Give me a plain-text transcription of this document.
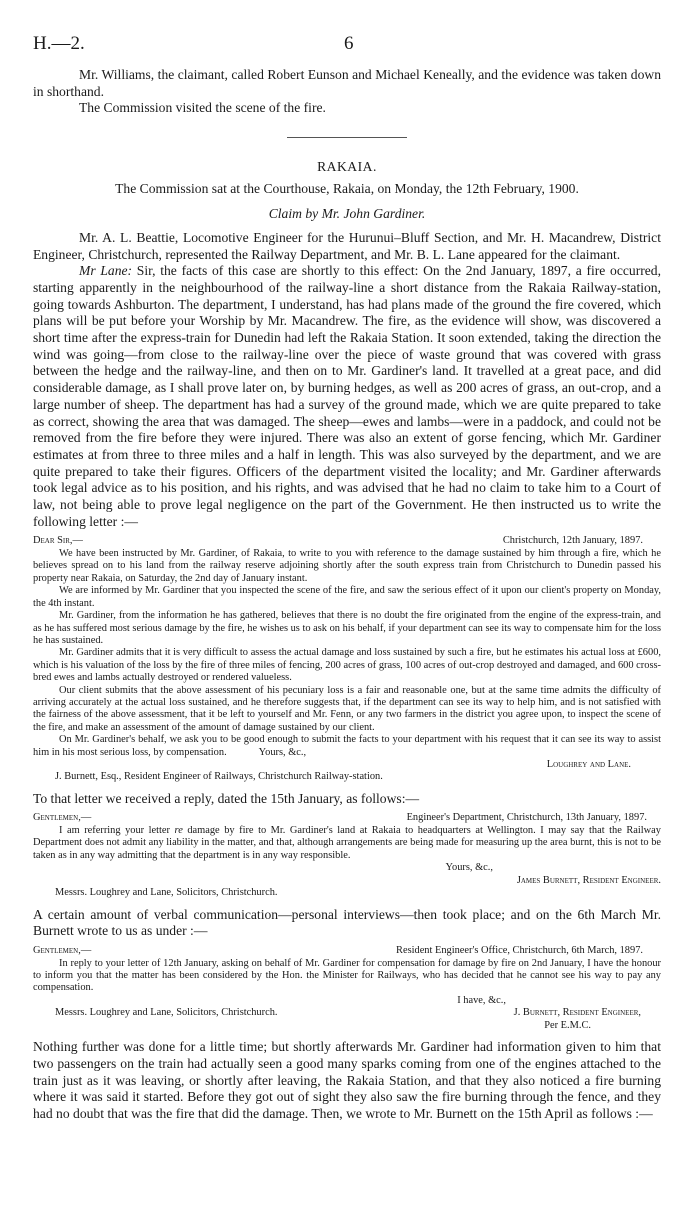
H.—2.	6

Mr. Williams, the claimant, called Robert Eunson and Michael Keneally, and the evidence was taken down in shorthand.

The Commission visited the scene of the fire.

RAKAIA.

The Commission sat at the Courthouse, Rakaia, on Monday, the 12th February, 1900.

Claim by Mr. John Gardiner.

Mr. A. L. Beattie, Locomotive Engineer for the Hurunui–Bluff Section, and Mr. H. Macandrew, District Engineer, Christchurch, represented the Railway Department, and Mr. B. L. Lane appeared for the claimant.

Mr Lane: Sir, the facts of this case are shortly to this effect: On the 2nd January, 1897, a fire occurred, starting apparently in the neighbourhood of the railway-line a short distance from the Rakaia Railway-station, going towards Ashburton. The department, I understand, has had plans made of the ground the fire covered, which plans will be put before your Worship by Mr. Macandrew. The fire, as the evidence will show, was discovered a short time after the express-train for Dunedin had left the Rakaia Station. It soon extended, taking the direction the wind was going—from close to the railway-line over the piece of waste ground that was covered with grass between the hedge and the railway-line, and then on to Mr. Gardiner's land. It travelled at a great pace, and did considerable damage, as I shall prove later on, by burning hedges, as well as 200 acres of grass, an out-crop, and a large number of sheep. The department has had a survey of the ground made, which we are quite prepared to take as correct, showing the area that was damaged. The sheep—ewes and lambs—were in a paddock, and could not be removed from the fire before they were injured. There was also an extent of gorse fencing, which Mr. Gardiner estimates at from three to three miles and a half in length. This was also surveyed by the department, and we are quite prepared to take their figures. Officers of the department visited the locality; and Mr. Gardiner afterwards took legal advice as to his position, and his rights, and was advised that he had no claim to take him to a Court of law, not being able to prove legal negligence on the part of the Government. He then instructed us to write the following letter :—

Dear Sir,—	Christchurch, 12th January, 1897.

We have been instructed by Mr. Gardiner, of Rakaia, to write to you with reference to the damage sustained by him through a fire, which he believes spread on to his land from the railway reserve adjoining shortly after the south express train from Christchurch to Dunedin passed his property near Rakaia, on Saturday, the 2nd day of January instant.

We are informed by Mr. Gardiner that you inspected the scene of the fire, and saw the serious effect of it upon our client's property on Monday, the 4th instant.

Mr. Gardiner, from the information he has gathered, believes that there is no doubt the fire originated from the engine of the express-train, and as he has suffered most serious damage by the fire, he wishes us to ask on his behalf, if your department can see its way to compensate him for the loss he has sustained.

Mr. Gardiner admits that it is very difficult to assess the actual damage and loss sustained by such a fire, but he estimates his actual loss at £600, which is his valuation of the loss by the fire of three miles of fencing, 200 acres of grass, 100 acres of out-crop destroyed and damaged, and 600 cross-bred ewes and lambs actually destroyed or rendered valueless.

Our client submits that the above assessment of his pecuniary loss is a fair and reasonable one, but at the same time admits the difficulty of arriving accurately at the actual loss sustained, and he therefore suggests that, if the department can see its way to help him, and is not satisfied with the fairness of the above assessment, that it be left to yourself and Mr. Fenn, or any two farmers in the district you agree upon, to inspect the scene of the fire, and make an assessment of the amount of damage sustained by our client.

On Mr. Gardiner's behalf, we ask you to be good enough to submit the facts to your department with his request that it can see its way to assist him in his most serious loss, by compensation.	Yours, &c.,

Loughrey and Lane.
J. Burnett, Esq., Resident Engineer of Railways, Christchurch Railway-station.

To that letter we received a reply, dated the 15th January, as follows:—

Gentlemen,—	Engineer's Department, Christchurch, 13th January, 1897.

I am referring your letter re damage by fire to Mr. Gardiner's land at Rakaia to headquarters at Wellington. I may say that the Railway Department does not admit any liability in the matter, and that, although arrangements are being made for measuring up the area burnt, this is not to be taken as in any way admitting that the department is in any way responsible.

Yours, &c.,
James Burnett, Resident Engineer.
Messrs. Loughrey and Lane, Solicitors, Christchurch.

A certain amount of verbal communication—personal interviews—then took place; and on the 6th March Mr. Burnett wrote to us as under :—

Gentlemen,—	Resident Engineer's Office, Christchurch, 6th March, 1897.

In reply to your letter of 12th January, asking on behalf of Mr. Gardiner for compensation for damage by fire on 2nd January, I have the honour to inform you that the matter has been considered by the Hon. the Minister for Railways, who has decided that he cannot see his way to pay any compensation.

I have, &c.,
Messrs. Loughrey and Lane, Solicitors, Christchurch.	J. Burnett, Resident Engineer,
Per E.M.C.

Nothing further was done for a little time; but shortly afterwards Mr. Gardiner had information given to him that two passengers on the train had actually seen a good many sparks coming from one of the engines attached to the train just as it was leaving, or shortly after leaving, the Rakaia Station, and that they also noticed a fire burning where it was said it started. Before they got out of sight they also saw the fire burning through the fence, and they had no doubt that was the fire that did the damage. Then, we wrote to Mr. Burnett on the 15th April as follows :—
